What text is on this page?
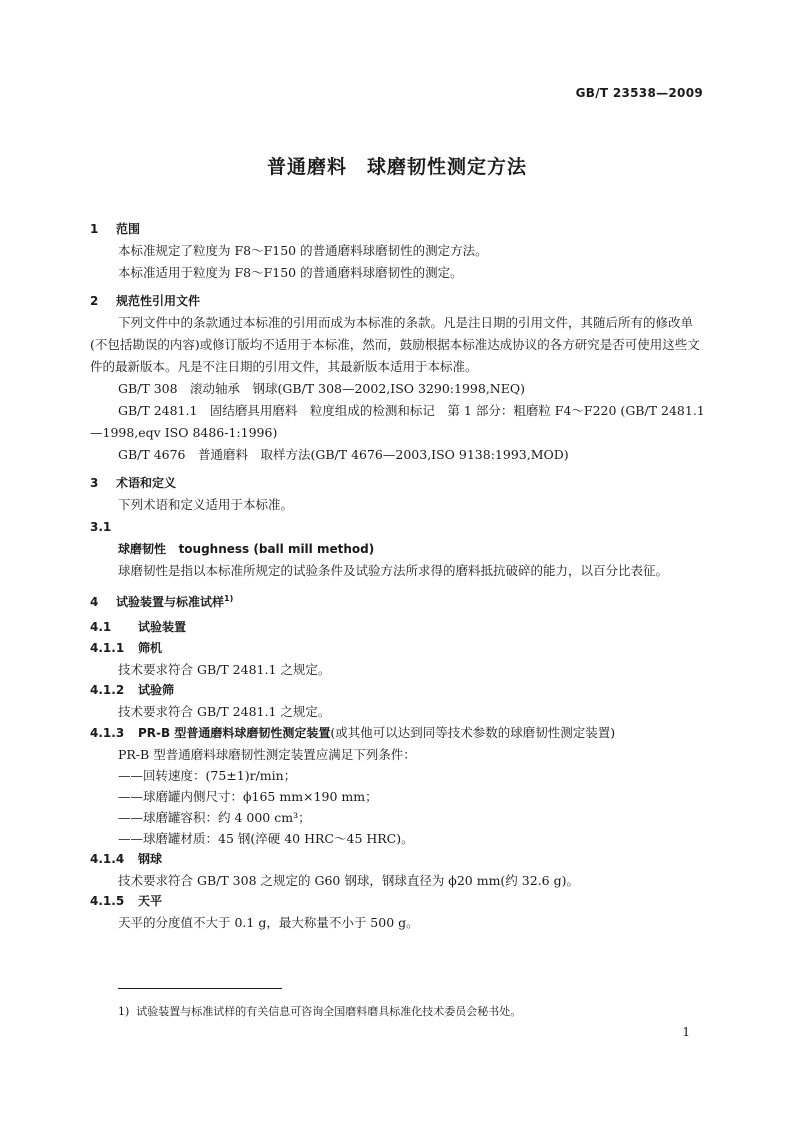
GB/T 23538—2009
普通磨料　球磨韧性测定方法
1 范围
本标准规定了粒度为 F8～F150 的普通磨料球磨韧性的测定方法。
本标准适用于粒度为 F8～F150 的普通磨料球磨韧性的测定。
2 规范性引用文件
下列文件中的条款通过本标准的引用而成为本标准的条款。凡是注日期的引用文件，其随后所有的修改单(不包括勘误的内容)或修订版均不适用于本标准，然而，鼓励根据本标准达成协议的各方研究是否可使用这些文件的最新版本。凡是不注日期的引用文件，其最新版本适用于本标准。
GB/T 308　滚动轴承　钢球(GB/T 308—2002,ISO 3290:1998,NEQ)
GB/T 2481.1　固结磨具用磨料　粒度组成的检测和标记　第 1 部分：粗磨粒 F4～F220 (GB/T 2481.1—1998,eqv ISO 8486-1:1996)
GB/T 4676　普通磨料　取样方法(GB/T 4676—2003,ISO 9138:1993,MOD)
3 术语和定义
下列术语和定义适用于本标准。
3.1
球磨韧性 toughness (ball mill method)
球磨韧性是指以本标准所规定的试验条件及试验方法所求得的磨料抵抗破碎的能力，以百分比表征。
4 试验装置与标准试样$^{1)}$
4.1 试验装置
4.1.1 筛机
技术要求符合 GB/T 2481.1 之规定。
4.1.2 试验筛
技术要求符合 GB/T 2481.1 之规定。
4.1.3 PR-B 型普通磨料球磨韧性测定装置(或其他可以达到同等技术参数的球磨韧性测定装置)
PR-B 型普通磨料球磨韧性测定装置应满足下列条件：
——回转速度：(75±1)r/min；
——球磨罐内侧尺寸：ϕ165 mm×190 mm；
——球磨罐容积：约 4 000 cm³；
——球磨罐材质：45 钢(淬硬 40 HRC～45 HRC)。
4.1.4 钢球
技术要求符合 GB/T 308 之规定的 G60 钢球，钢球直径为 ϕ20 mm(约 32.6 g)。
4.1.5 天平
天平的分度值不大于 0.1 g，最大称量不小于 500 g。
1) 试验装置与标准试样的有关信息可咨询全国磨料磨具标准化技术委员会秘书处。
1
